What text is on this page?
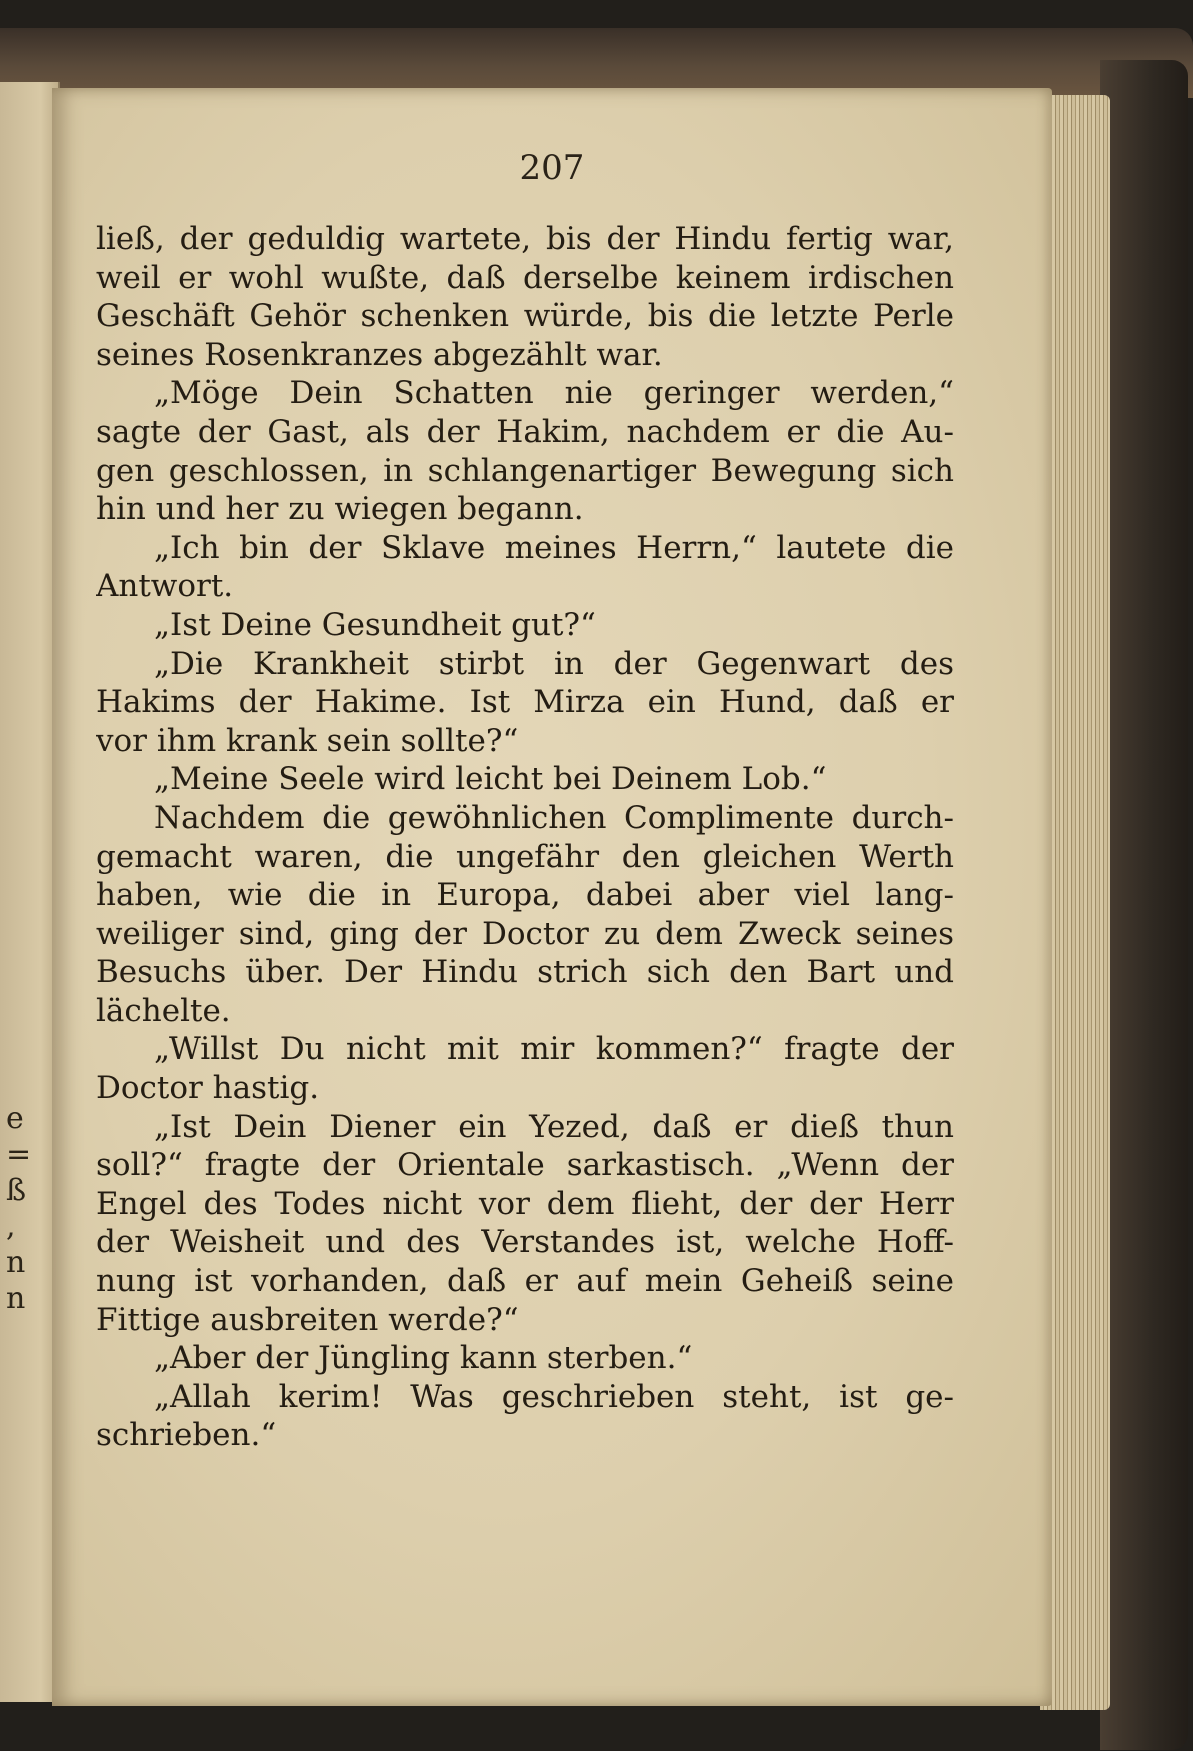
e
=
ß
,
n
n

207

ließ, der geduldig wartete, bis der Hindu fertig war,
weil er wohl wußte, daß derselbe keinem irdischen
Geschäft Gehör schenken würde, bis die letzte Perle
seines Rosenkranzes abgezählt war.
„Möge Dein Schatten nie geringer werden,“
sagte der Gast, als der Hakim, nachdem er die Au-
gen geschlossen, in schlangenartiger Bewegung sich
hin und her zu wiegen begann.
„Ich bin der Sklave meines Herrn,“ lautete die
Antwort.
„Ist Deine Gesundheit gut?“
„Die Krankheit stirbt in der Gegenwart des
Hakims der Hakime. Ist Mirza ein Hund, daß er
vor ihm krank sein sollte?“
„Meine Seele wird leicht bei Deinem Lob.“
Nachdem die gewöhnlichen Complimente durch-
gemacht waren, die ungefähr den gleichen Werth
haben, wie die in Europa, dabei aber viel lang-
weiliger sind, ging der Doctor zu dem Zweck seines
Besuchs über. Der Hindu strich sich den Bart und
lächelte.
„Willst Du nicht mit mir kommen?“ fragte der
Doctor hastig.
„Ist Dein Diener ein Yezed, daß er dieß thun
soll?“ fragte der Orientale sarkastisch. „Wenn der
Engel des Todes nicht vor dem flieht, der der Herr
der Weisheit und des Verstandes ist, welche Hoff-
nung ist vorhanden, daß er auf mein Geheiß seine
Fittige ausbreiten werde?“
„Aber der Jüngling kann sterben.“
„Allah kerim! Was geschrieben steht, ist ge-
schrieben.“
